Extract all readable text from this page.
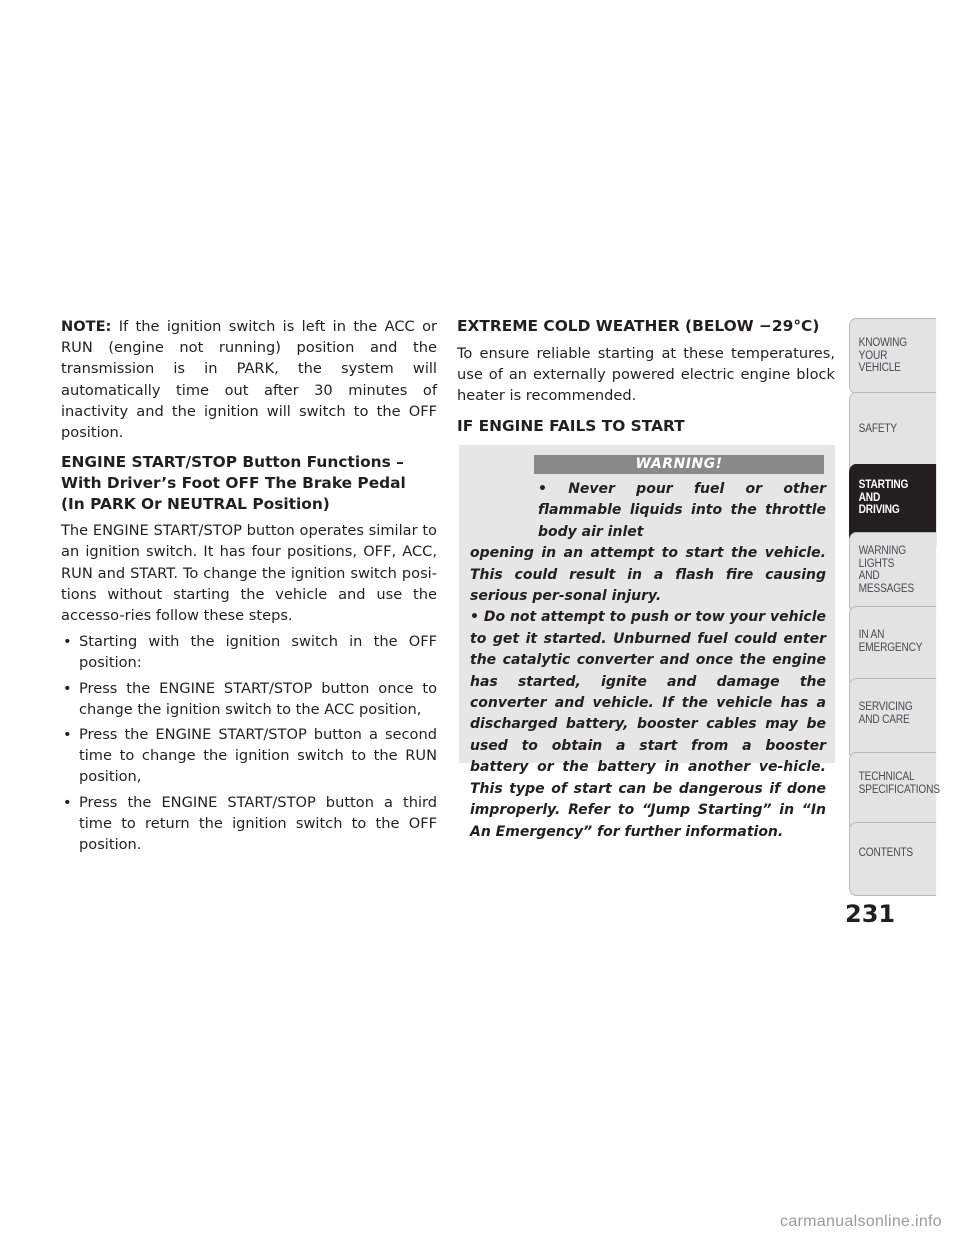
NOTE: If the ignition switch is left in the ACC or RUN (engine not running) position and the transmission is in PARK, the system will automatically time out after 30 minutes of inactivity and the ignition will switch to the OFF position.

ENGINE START/STOP Button Functions –
With Driver’s Foot OFF The Brake Pedal
(In PARK Or NEUTRAL Position)

The ENGINE START/STOP button operates similar to an ignition switch. It has four positions, OFF, ACC, RUN and START. To change the ignition switch posi-tions without starting the vehicle and use the accesso-ries follow these steps.

• Starting with the ignition switch in the OFF position:
• Press the ENGINE START/STOP button once to change the ignition switch to the ACC position,
• Press the ENGINE START/STOP button a second time to change the ignition switch to the RUN position,
• Press the ENGINE START/STOP button a third time to return the ignition switch to the OFF position.
EXTREME COLD WEATHER (BELOW −29°C)

To ensure reliable starting at these temperatures, use of an externally powered electric engine block heater is recommended.

IF ENGINE FAILS TO START
WARNING!

• Never pour fuel or other flammable liquids into the throttle body air inlet
opening in an attempt to start the vehicle. This could result in a flash fire causing serious per-sonal injury.

• Do not attempt to push or tow your vehicle to get it started. Unburned fuel could enter the catalytic converter and once the engine has started, ignite and damage the converter and vehicle. If the vehicle has a discharged battery, booster cables may be used to obtain a start from a booster battery or the battery in another ve-hicle. This type of start can be dangerous if done improperly. Refer to “Jump Starting” in “In An Emergency” for further information.

KNOWING
YOUR
VEHICLE
SAFETY
STARTING
AND
DRIVING
WARNING
LIGHTS
AND
MESSAGES
IN AN
EMERGENCY
SERVICING
AND CARE
TECHNICAL
SPECIFICATIONS
CONTENTS
231
carmanualsonline.info
